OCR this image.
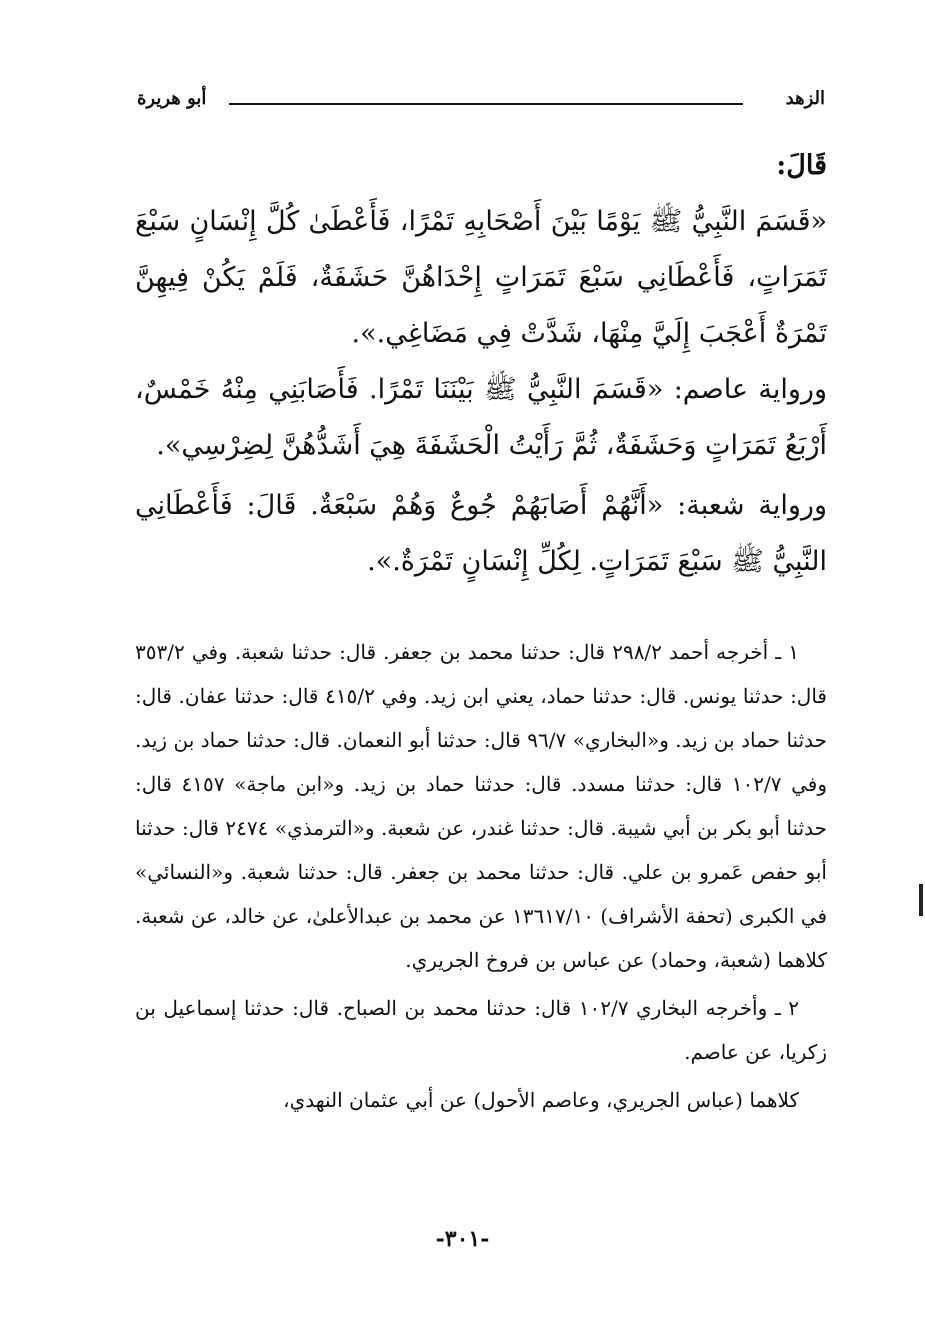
الزهد
أبو هريرة

قَالَ:

«قَسَمَ النَّبِيُّ ﷺ يَوْمًا بَيْنَ أَصْحَابِهِ تَمْرًا، فَأَعْطَىٰ كُلَّ إِنْسَانٍ سَبْعَ تَمَرَاتٍ، فَأَعْطَانِي سَبْعَ تَمَرَاتٍ إِحْدَاهُنَّ حَشَفَةٌ، فَلَمْ يَكُنْ فِيهِنَّ تَمْرَةٌ أَعْجَبَ إِلَيَّ مِنْهَا، شَدَّتْ فِي مَضَاغِي.».

ورواية عاصم: «قَسَمَ النَّبِيُّ ﷺ بَيْنَنَا تَمْرًا. فَأَصَابَنِي مِنْهُ خَمْسٌ، أَرْبَعُ تَمَرَاتٍ وَحَشَفَةٌ، ثُمَّ رَأَيْتُ الْحَشَفَةَ هِيَ أَشَدُّهُنَّ لِضِرْسِي».

ورواية شعبة: «أَنَّهُمْ أَصَابَهُمْ جُوعٌ وَهُمْ سَبْعَةٌ. قَالَ: فَأَعْطَانِي النَّبِيُّ ﷺ سَبْعَ تَمَرَاتٍ. لِكُلِّ إِنْسَانٍ تَمْرَةٌ.».

١ ـ أخرجه أحمد ٢٩٨/٢ قال: حدثنا محمد بن جعفر. قال: حدثنا شعبة. وفي ٣٥٣/٢ قال: حدثنا يونس. قال: حدثنا حماد، يعني ابن زيد. وفي ٤١٥/٢ قال: حدثنا عفان. قال: حدثنا حماد بن زيد. و«البخاري» ٩٦/٧ قال: حدثنا أبو النعمان. قال: حدثنا حماد بن زيد. وفي ١٠٢/٧ قال: حدثنا مسدد. قال: حدثنا حماد بن زيد. و«ابن ماجة» ٤١٥٧ قال: حدثنا أبو بكر بن أبي شيبة. قال: حدثنا غندر، عن شعبة. و«الترمذي» ٢٤٧٤ قال: حدثنا أبو حفص عَمرو بن علي. قال: حدثنا محمد بن جعفر. قال: حدثنا شعبة. و«النسائي» في الكبرى (تحفة الأشراف) ١٣٦١٧/١٠ عن محمد بن عبدالأعلىٰ، عن خالد، عن شعبة. كلاهما (شعبة، وحماد) عن عباس بن فروخ الجريري.

٢ ـ وأخرجه البخاري ١٠٢/٧ قال: حدثنا محمد بن الصباح. قال: حدثنا إسماعيل بن زكريا، عن عاصم.

كلاهما (عباس الجريري، وعاصم الأحول) عن أبي عثمان النهدي،

-٣٠١-
